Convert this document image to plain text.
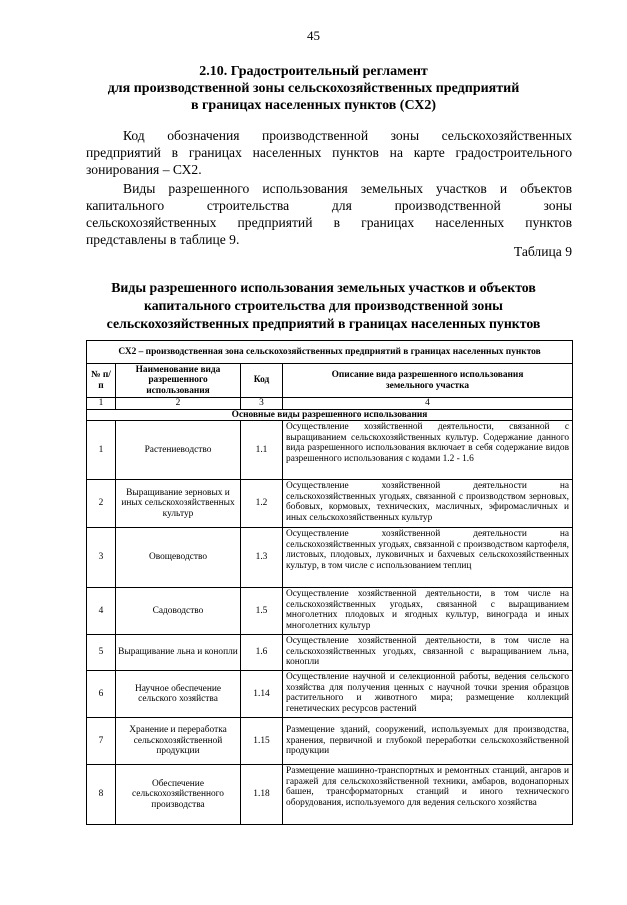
45
2.10. Градостроительный регламент
для производственной зоны сельскохозяйственных предприятий
в границах населенных пунктов (СХ2)
Код обозначения производственной зоны сельскохозяйственных
предприятий в границах населенных пунктов на карте градостроительного
зонирования – СХ2.
Виды разрешенного использования земельных участков и объектов
капитального строительства для производственной зоны
сельскохозяйственных предприятий в границах населенных пунктов
представлены в таблице 9.
Таблица 9
Виды разрешенного использования земельных участков и объектов
капитального строительства для производственной зоны
сельскохозяйственных предприятий в границах населенных пунктов
СХ2 – производственная зона сельскохозяйственных предприятий в границах населенных пунктов			
№ п/п	Наименование вида разрешенного использования	Код	Описание вида разрешенного использования земельного участка
1	2	3	4
Основные виды разрешенного использования			
1	Растениеводство	1.1	Осуществление хозяйственной деятельности, связанной с выращиванием сельскохозяйственных культур. Содержание данного вида разрешенного использования включает в себя содержание видов разрешенного использования с кодами 1.2 - 1.6
2	Выращивание зерновых и иных сельскохозяйственных культур	1.2	Осуществление хозяйственной деятельности на сельскохозяйственных угодьях, связанной с производством зерновых, бобовых, кормовых, технических, масличных, эфиромасличных и иных сельскохозяйственных культур
3	Овощеводство	1.3	Осуществление хозяйственной деятельности на сельскохозяйственных угодьях, связанной с производством картофеля, листовых, плодовых, луковичных и бахчевых сельскохозяйственных культур, в том числе с использованием теплиц
4	Садоводство	1.5	Осуществление хозяйственной деятельности, в том числе на сельскохозяйственных угодьях, связанной с выращиванием многолетних плодовых и ягодных культур, винограда и иных многолетних культур
5	Выращивание льна и конопли	1.6	Осуществление хозяйственной деятельности, в том числе на сельскохозяйственных угодьях, связанной с выращиванием льна, конопли
6	Научное обеспечение сельского хозяйства	1.14	Осуществление научной и селекционной работы, ведения сельского хозяйства для получения ценных с научной точки зрения образцов растительного и животного мира; размещение коллекций генетических ресурсов растений
7	Хранение и переработка сельскохозяйственной продукции	1.15	Размещение зданий, сооружений, используемых для производства, хранения, первичной и глубокой переработки сельскохозяйственной продукции
8	Обеспечение сельскохозяйственного производства	1.18	Размещение машинно-транспортных и ремонтных станций, ангаров и гаражей для сельскохозяйственной техники, амбаров, водонапорных башен, трансформаторных станций и иного технического оборудования, используемого для ведения сельского хозяйства
